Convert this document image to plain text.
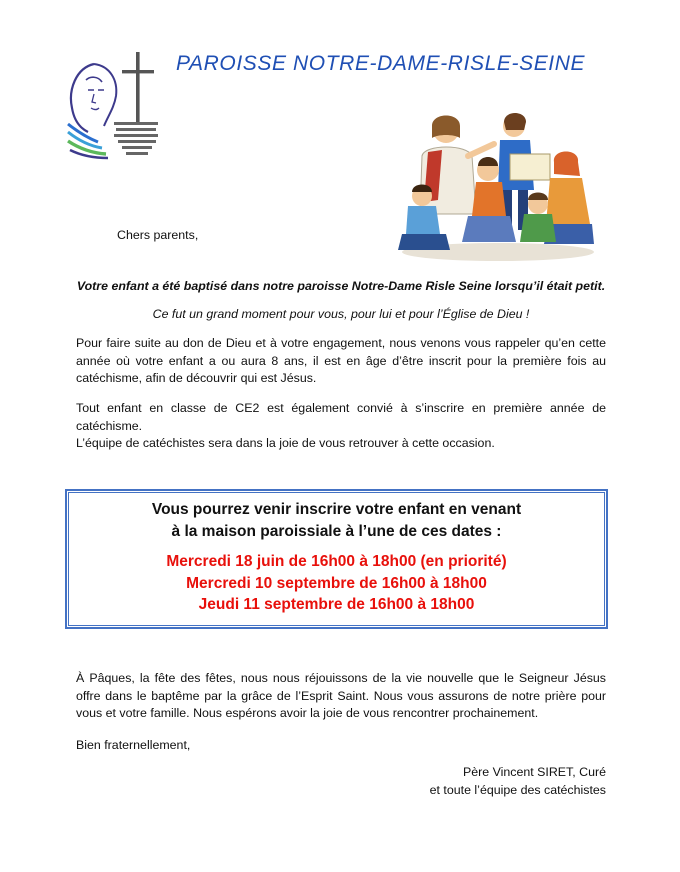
PAROISSE NOTRE-DAME-RISLE-SEINE
Chers parents,
Votre enfant a été baptisé dans notre paroisse Notre-Dame Risle Seine lorsqu’il était petit.
Ce fut un grand moment pour vous, pour lui et pour l’Église de Dieu !
Pour faire suite au don de Dieu et à votre engagement, nous venons vous rappeler qu’en cette année où votre enfant a ou aura 8 ans, il est en âge d’être inscrit pour la première fois au catéchisme, afin de découvrir qui est Jésus.
Tout enfant en classe de CE2 est également convié à s’inscrire en première année de catéchisme.
L’équipe de catéchistes sera dans la joie de vous retrouver à cette occasion.
Vous pourrez venir inscrire votre enfant en venant
à la maison paroissiale à l’une de ces dates :
Mercredi 18 juin de 16h00 à 18h00 (en priorité)
Mercredi 10 septembre de 16h00 à 18h00
Jeudi 11 septembre de 16h00 à 18h00
À Pâques, la fête des fêtes, nous nous réjouissons de la vie nouvelle que le Seigneur Jésus offre dans le baptême par la grâce de l’Esprit Saint. Nous vous assurons de notre prière pour vous et votre famille. Nous espérons avoir la joie de vous rencontrer prochainement.
Bien fraternellement,
Père Vincent SIRET, Curé
et toute l’équipe des catéchistes
